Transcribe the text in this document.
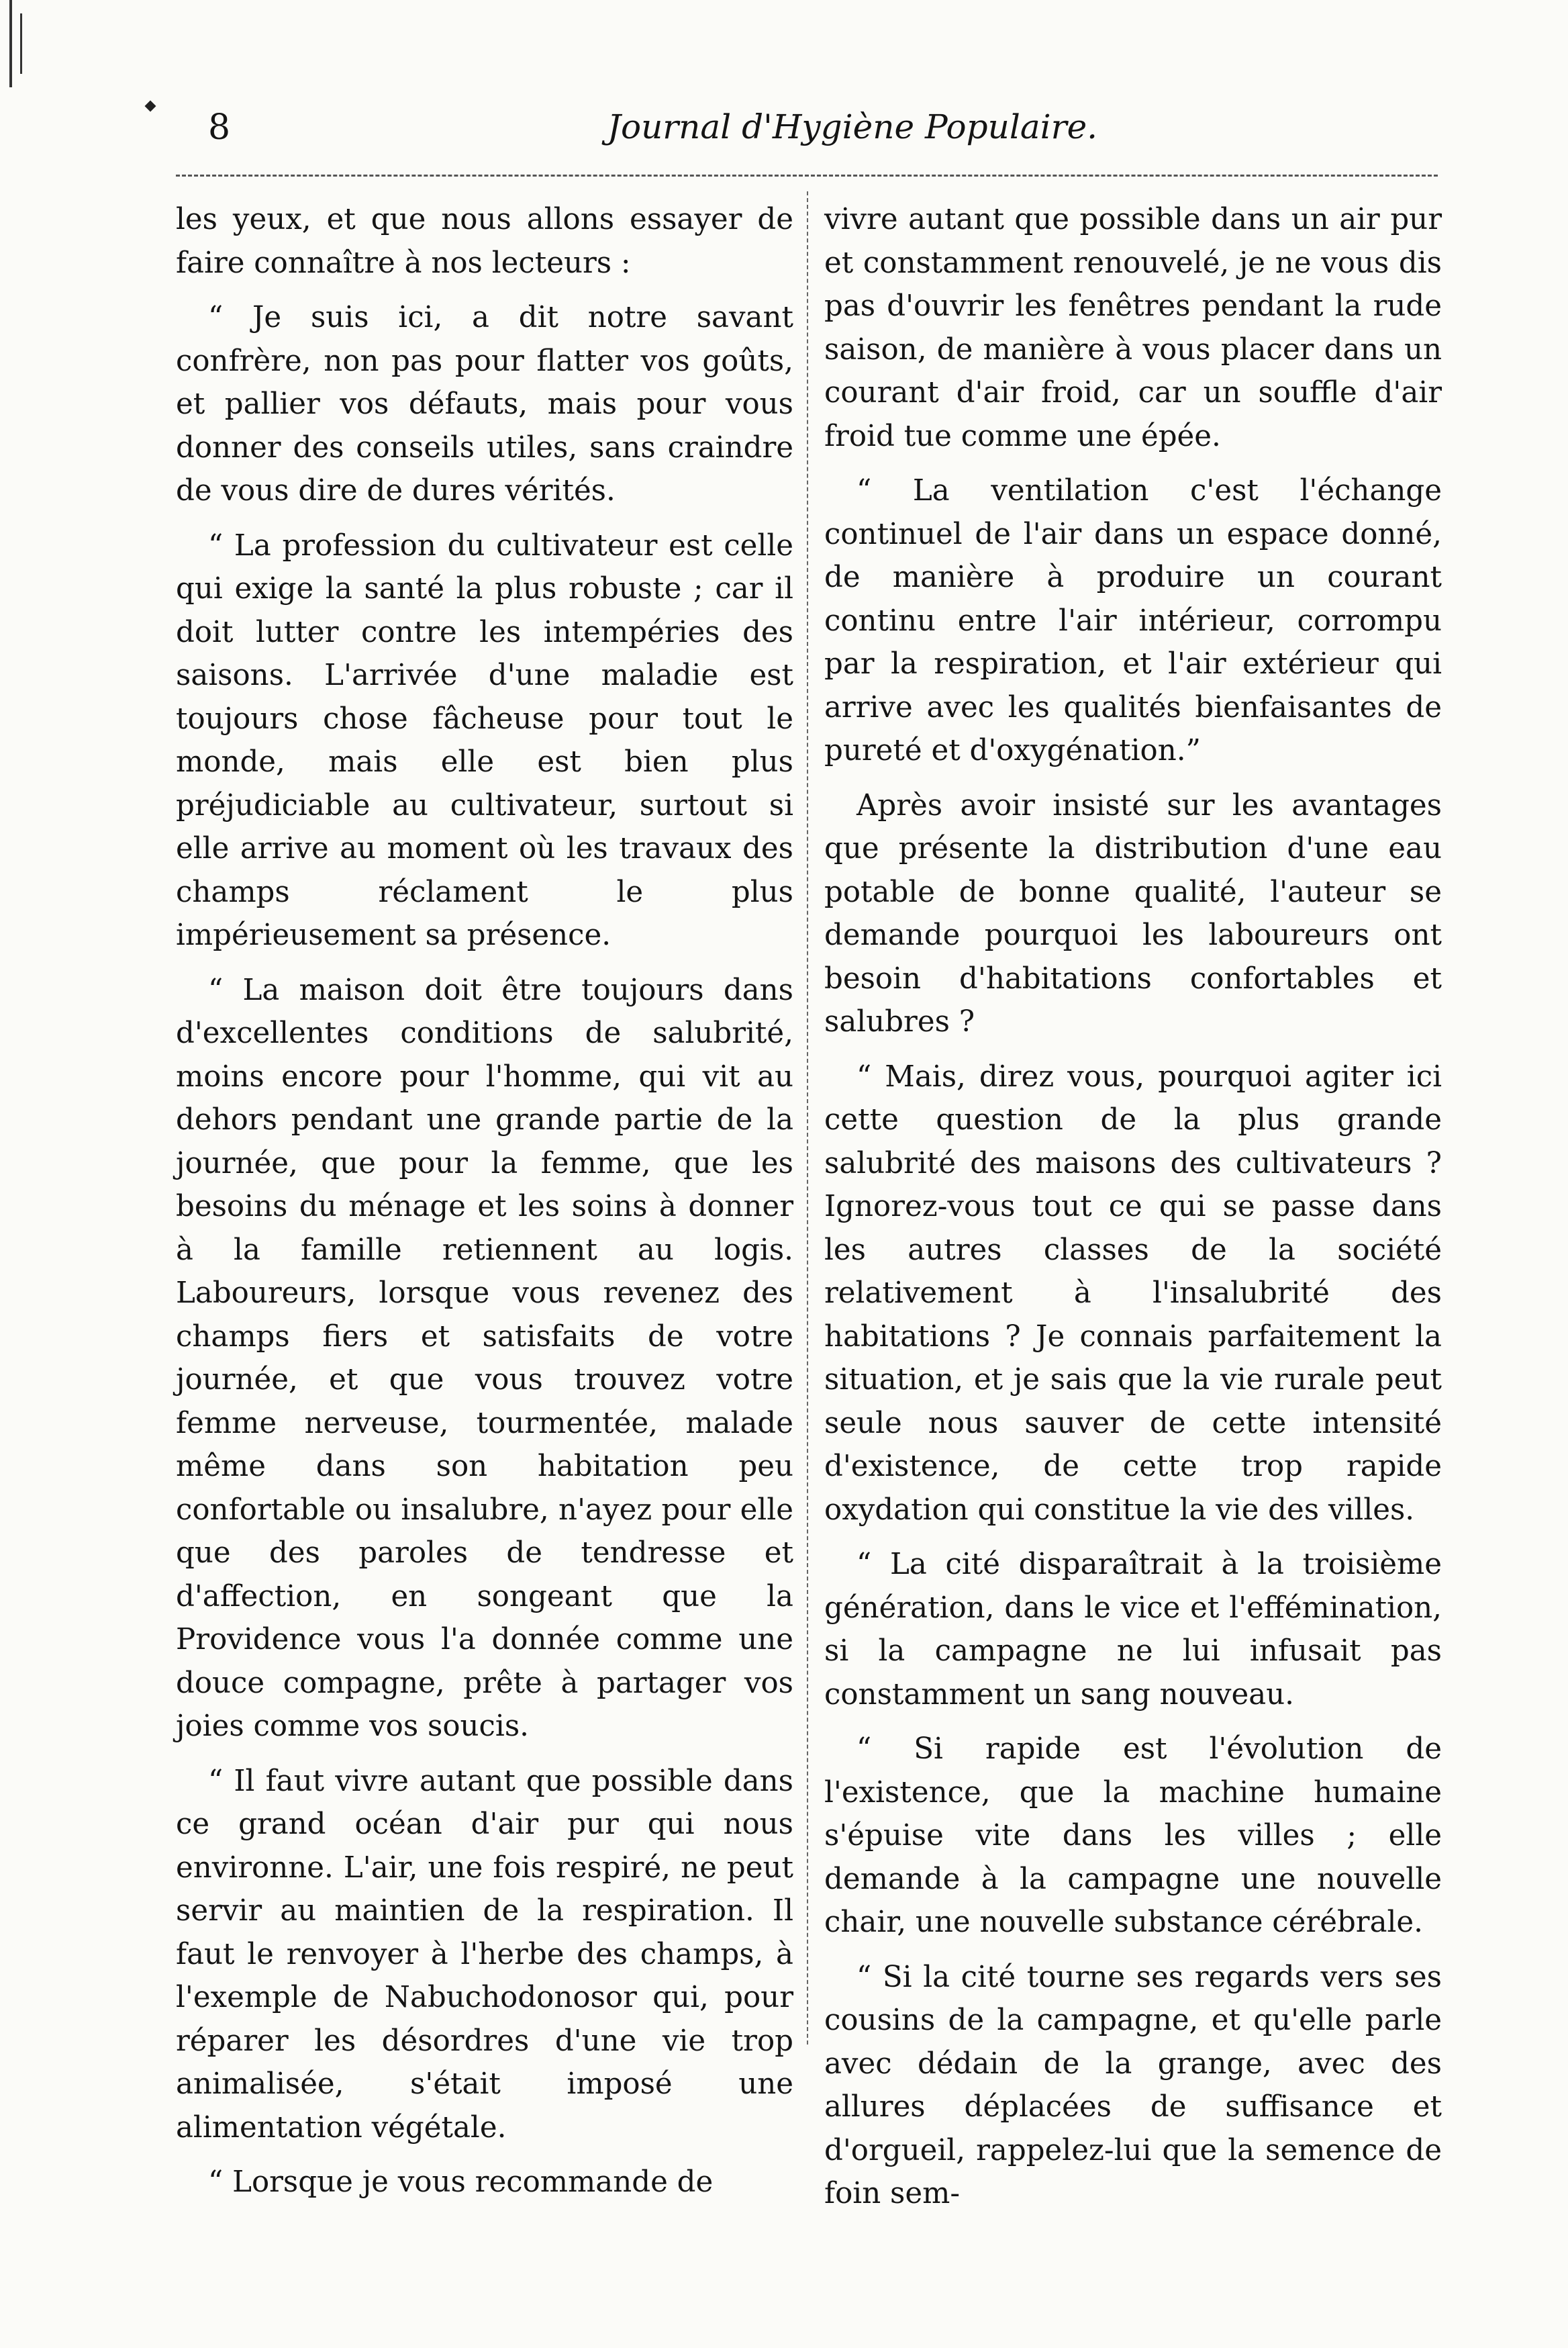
8	Journal d'Hygiène Populaire.

les yeux, et que nous allons essayer de faire connaître à nos lecteurs :

“ Je suis ici, a dit notre savant confrère, non pas pour flatter vos goûts, et pallier vos défauts, mais pour vous donner des conseils utiles, sans craindre de vous dire de dures vérités.

“ La profession du cultivateur est celle qui exige la santé la plus robuste ; car il doit lutter contre les intempéries des saisons. L'arrivée d'une maladie est toujours chose fâcheuse pour tout le monde, mais elle est bien plus préjudiciable au cultivateur, surtout si elle arrive au moment où les travaux des champs réclament le plus impérieusement sa présence.

“ La maison doit être toujours dans d'excellentes conditions de salubrité, moins encore pour l'homme, qui vit au dehors pendant une grande partie de la journée, que pour la femme, que les besoins du ménage et les soins à donner à la famille retiennent au logis. Laboureurs, lorsque vous revenez des champs fiers et satisfaits de votre journée, et que vous trouvez votre femme nerveuse, tourmentée, malade même dans son habitation peu confortable ou insalubre, n'ayez pour elle que des paroles de tendresse et d'affection, en songeant que la Providence vous l'a donnée comme une douce compagne, prête à partager vos joies comme vos soucis.

“ Il faut vivre autant que possible dans ce grand océan d'air pur qui nous environne. L'air, une fois respiré, ne peut servir au maintien de la respiration. Il faut le renvoyer à l'herbe des champs, à l'exemple de Nabuchodonosor qui, pour réparer les désordres d'une vie trop animalisée, s'était imposé une alimentation végétale.

“ Lorsque je vous recommande de

vivre autant que possible dans un air pur et constamment renouvelé, je ne vous dis pas d'ouvrir les fenêtres pendant la rude saison, de manière à vous placer dans un courant d'air froid, car un souffle d'air froid tue comme une épée.

“ La ventilation c'est l'échange continuel de l'air dans un espace donné, de manière à produire un courant continu entre l'air intérieur, corrompu par la respiration, et l'air extérieur qui arrive avec les qualités bienfaisantes de pureté et d'oxygénation.”

Après avoir insisté sur les avantages que présente la distribution d'une eau potable de bonne qualité, l'auteur se demande pourquoi les laboureurs ont besoin d'habitations confortables et salubres ?

“ Mais, direz vous, pourquoi agiter ici cette question de la plus grande salubrité des maisons des cultivateurs ? Ignorez-vous tout ce qui se passe dans les autres classes de la société relativement à l'insalubrité des habitations ? Je connais parfaitement la situation, et je sais que la vie rurale peut seule nous sauver de cette intensité d'existence, de cette trop rapide oxydation qui constitue la vie des villes.

“ La cité disparaîtrait à la troisième génération, dans le vice et l'effémination, si la campagne ne lui infusait pas constamment un sang nouveau.

“ Si rapide est l'évolution de l'existence, que la machine humaine s'épuise vite dans les villes ; elle demande à la campagne une nouvelle chair, une nouvelle substance cérébrale.

“ Si la cité tourne ses regards vers ses cousins de la campagne, et qu'elle parle avec dédain de la grange, avec des allures déplacées de suffisance et d'orgueil, rappelez-lui que la semence de foin sem-
